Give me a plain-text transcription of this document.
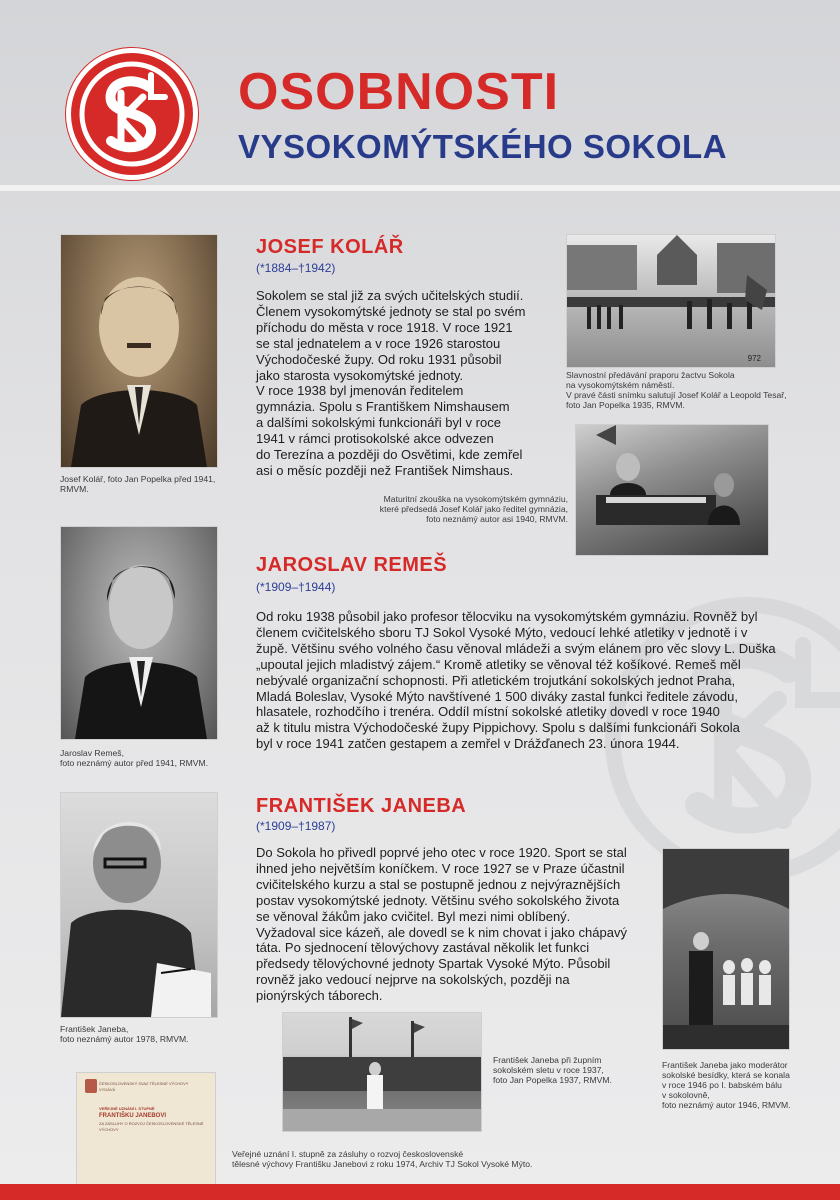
OSOBNOSTI
VYSOKOMÝTSKÉHO SOKOLA
Josef Kolář, foto Jan Popelka před 1941,
RMVM.
JOSEF KOLÁŘ
(*1884–†1942)
Sokolem se stal již za svých učitelských studií.
Členem vysokomýtské jednoty se stal po svém
příchodu do města v roce 1918. V roce 1921
se stal jednatelem a v roce 1926 starostou
Východočeské župy. Od roku 1931 působil
jako starosta vysokomýtské jednoty.
V roce 1938 byl jmenován ředitelem
gymnázia. Spolu s Františkem Nimshausem
a dalšími sokolskými funkcionáři byl v roce
1941 v rámci protisokolské akce odvezen
do Terezína a později do Osvětimi, kde zemřel
asi o měsíc později než František Nimshaus.
972
Slavnostní předávání praporu žactvu Sokola
na vysokomýtském náměstí.
V pravé části snímku salutují Josef Kolář a Leopold Tesař,
foto Jan Popelka 1935, RMVM.
Maturitní zkouška na vysokomýtském gymnáziu,
které předsedá Josef Kolář jako ředitel gymnázia,
foto neznámý autor asi 1940, RMVM.
Jaroslav Remeš,
foto neznámý autor před 1941, RMVM.
JAROSLAV REMEŠ
(*1909–†1944)
Od roku 1938 působil jako profesor tělocviku na vysokomýtském gymnáziu. Rovněž byl
členem cvičitelského sboru TJ Sokol Vysoké Mýto, vedoucí lehké atletiky v jednotě i v
župě. Většinu svého volného času věnoval mládeži a svým elánem pro věc slovy L. Duška
„upoutal jejich mladistvý zájem.“ Kromě atletiky se věnoval též košíkové. Remeš měl
nebývalé organizační schopnosti. Při atletickém trojutkání sokolských jednot Praha,
Mladá Boleslav, Vysoké Mýto navštívené 1 500 diváky zastal funkci ředitele závodu,
hlasatele, rozhodčího i trenéra. Oddíl místní sokolské atletiky dovedl v roce 1940
až k titulu mistra Východočeské župy Pippichovy. Spolu s dalšími funkcionáři Sokola
byl v roce 1941 zatčen gestapem a zemřel v Drážďanech 23. února 1944.
František Janeba,
foto neznámý autor 1978, RMVM.
FRANTIŠEK JANEBA
(*1909–†1987)
Do Sokola ho přivedl poprvé jeho otec v roce 1920. Sport se stal
ihned jeho největším koníčkem. V roce 1927 se v Praze účastnil
cvičitelského kurzu a stal se postupně jednou z nejvýraznějších
postav vysokomýtské jednoty. Většinu svého sokolského života
se věnoval žákům jako cvičitel. Byl mezi nimi oblíbený.
Vyžadoval sice kázeň, ale dovedl se k nim chovat i jako chápavý
táta. Po sjednocení tělovýchovy zastával několik let funkci
předsedy tělovýchovné jednoty Spartak Vysoké Mýto. Působil
rovněž jako vedoucí nejprve na sokolských, později na
pionýrských táborech.
František Janeba při župním
sokolském sletu v roce 1937,
foto Jan Popelka 1937, RMVM.
František Janeba jako moderátor
sokolské besídky, která se konala
v roce 1946 po I. babském bálu
v sokolovně,
foto neznámý autor 1946, RMVM.
ČESKOSLOVENSKÝ SVAZ TĚLESNÉ VÝCHOVY
VYDÁVÁ
VEŘEJNÉ UZNÁNÍ I. STUPNĚ
FRANTIŠKU JANEBOVI
ZA ZÁSLUHY O ROZVOJ ČESKOSLOVENSKÉ TĚLESNÉ VÝCHOVY
Veřejné uznání I. stupně za zásluhy o rozvoj československé
tělesné výchovy Františku Janebovi z roku 1974, Archiv TJ Sokol Vysoké Mýto.
